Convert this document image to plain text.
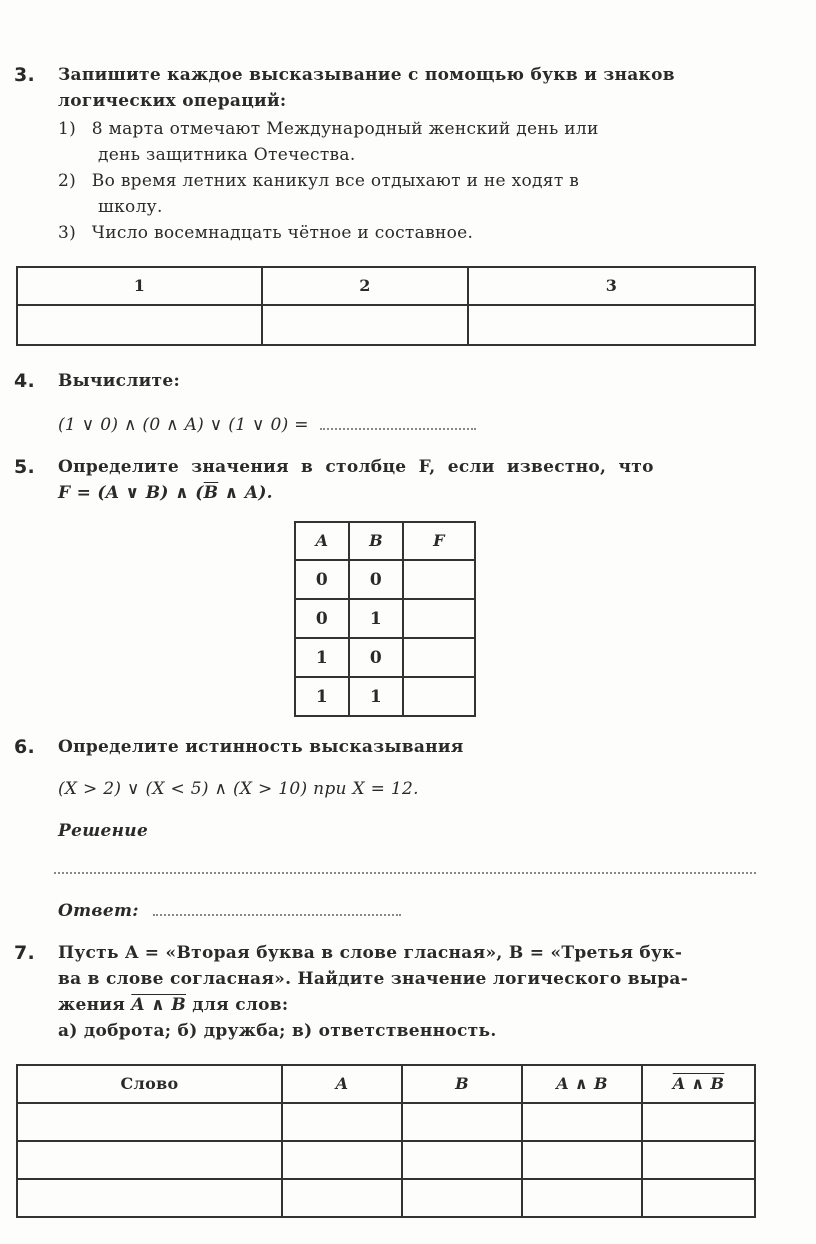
3. Запишите каждое высказывание с помощью букв и знаков
логических операций:
1) 8 марта отмечают Международный женский день или
день защитника Отечества.
2) Во время летних каникул все отдыхают и не ходят в
школу.
3) Число восемнадцать чётное и составное.
1	2	3

4. Вычислите:
(1 ∨ 0) ∧ (0 ∧ A) ∨ (1 ∨ 0) =
5. Определите значения в столбце F, если известно, что
F = (A ∨ B) ∧ ($\overline{B}$ ∧ A).
A	B	F
0	0	
0	1	
1	0	
1	1	
6. Определите истинность высказывания
(X > 2) ∨ (X < 5) ∧ (X > 10) при X = 12.
Решение
Ответ:
7. Пусть A = «Вторая буква в слове гласная», B = «Третья бук-
ва в слове согласная». Найдите значение логического выра-
жения A ∧ B для слов:
а) доброта; б) дружба; в) ответственность.
Слово	A	B	A ∧ B	A ∧ B
